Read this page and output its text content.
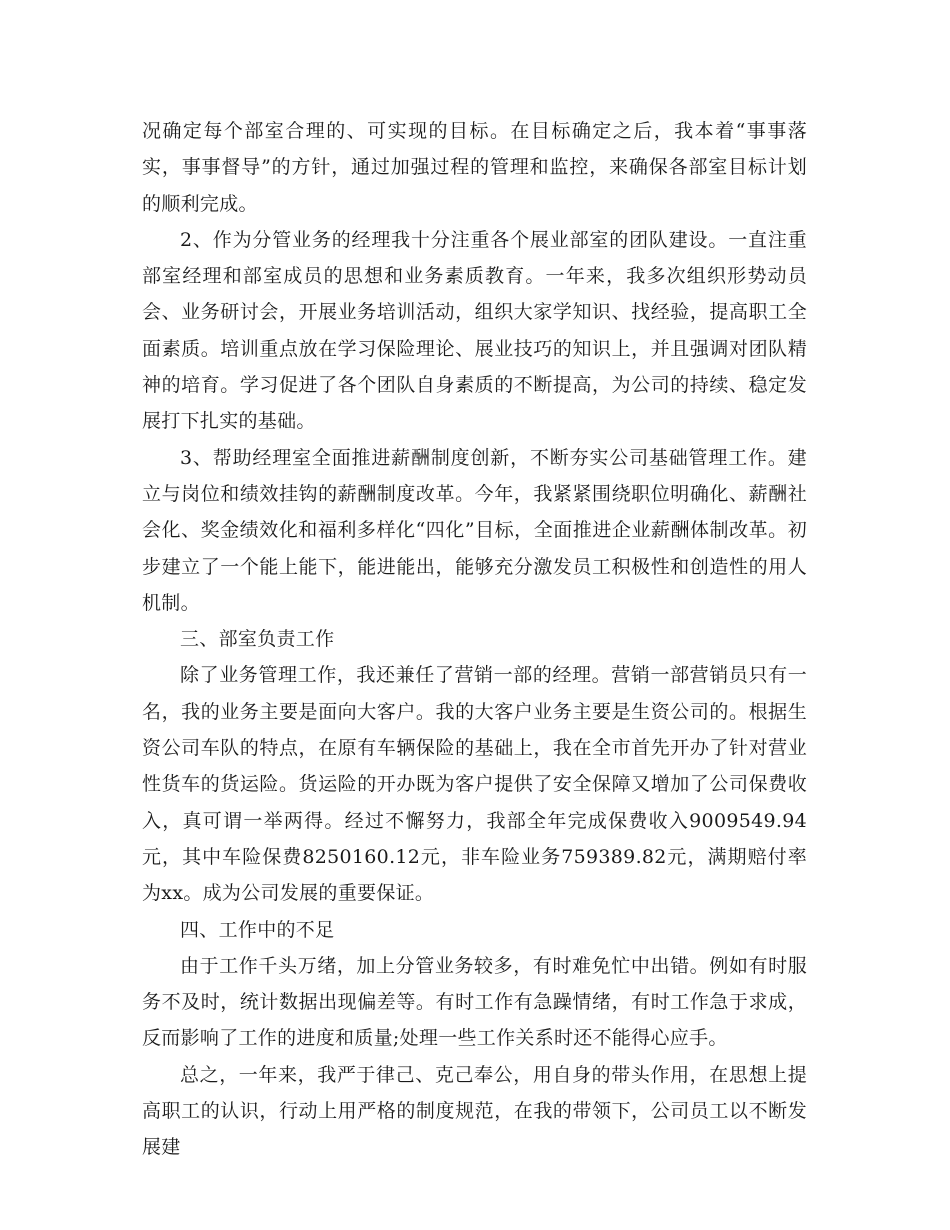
况确定每个部室合理的、可实现的目标。在目标确定之后，我本着“事事落实，事事督导”的方针，通过加强过程的管理和监控，来确保各部室目标计划的顺利完成。

2、作为分管业务的经理我十分注重各个展业部室的团队建设。一直注重部室经理和部室成员的思想和业务素质教育。一年来，我多次组织形势动员会、业务研讨会，开展业务培训活动，组织大家学知识、找经验，提高职工全面素质。培训重点放在学习保险理论、展业技巧的知识上，并且强调对团队精神的培育。学习促进了各个团队自身素质的不断提高，为公司的持续、稳定发展打下扎实的基础。

3、帮助经理室全面推进薪酬制度创新，不断夯实公司基础管理工作。建立与岗位和绩效挂钩的薪酬制度改革。今年，我紧紧围绕职位明确化、薪酬社会化、奖金绩效化和福利多样化“四化”目标，全面推进企业薪酬体制改革。初步建立了一个能上能下，能进能出，能够充分激发员工积极性和创造性的用人机制。

三、部室负责工作

除了业务管理工作，我还兼任了营销一部的经理。营销一部营销员只有一名，我的业务主要是面向大客户。我的大客户业务主要是生资公司的。根据生资公司车队的特点，在原有车辆保险的基础上，我在全市首先开办了针对营业性货车的货运险。货运险的开办既为客户提供了安全保障又增加了公司保费收入，真可谓一举两得。经过不懈努力，我部全年完成保费收入9009549.94元，其中车险保费8250160.12元，非车险业务759389.82元，满期赔付率为xx。成为公司发展的重要保证。

四、工作中的不足

由于工作千头万绪，加上分管业务较多，有时难免忙中出错。例如有时服务不及时，统计数据出现偏差等。有时工作有急躁情绪，有时工作急于求成，反而影响了工作的进度和质量;处理一些工作关系时还不能得心应手。

总之，一年来，我严于律己、克己奉公，用自身的带头作用，在思想上提高职工的认识，行动上用严格的制度规范，在我的带领下，公司员工以不断发展建
